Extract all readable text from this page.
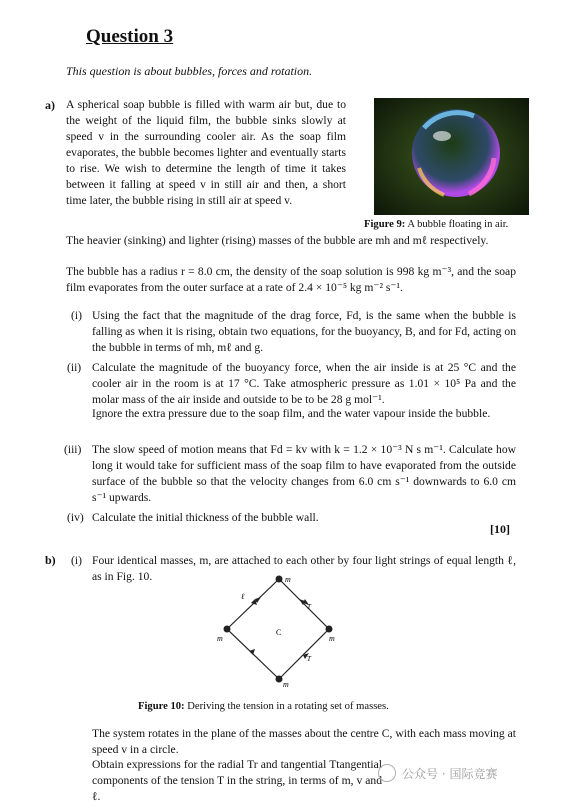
Question 3
This question is about bubbles, forces and rotation.
a) A spherical soap bubble is filled with warm air but, due to the weight of the liquid film, the bubble sinks slowly at speed v in the surrounding cooler air. As the soap film evaporates, the bubble becomes lighter and eventually starts to rise. We wish to determine the length of time it takes between it falling at speed v in still air and then, a short time later, the bubble rising in still air at speed v.
Figure 9: A bubble floating in air.
The heavier (sinking) and lighter (rising) masses of the bubble are mh and mℓ respectively.
The bubble has a radius r = 8.0 cm, the density of the soap solution is 998 kg m⁻³, and the soap film evaporates from the outer surface at a rate of 2.4 × 10⁻⁵ kg m⁻² s⁻¹.
(i) Using the fact that the magnitude of the drag force, Fd, is the same when the bubble is falling as when it is rising, obtain two equations, for the buoyancy, B, and for Fd, acting on the bubble in terms of mh, mℓ and g.
(ii) Calculate the magnitude of the buoyancy force, when the air inside is at 25 °C and the cooler air in the room is at 17 °C. Take atmospheric pressure as 1.01 × 10⁵ Pa and the molar mass of the air inside and outside to be to be 28 g mol⁻¹.
Ignore the extra pressure due to the soap film, and the water vapour inside the bubble.
(iii) The slow speed of motion means that Fd = kv with k = 1.2 × 10⁻³ N s m⁻¹. Calculate how long it would take for sufficient mass of the soap film to have evaporated from the outside surface of the bubble so that the velocity changes from 6.0 cm s⁻¹ downwards to 6.0 cm s⁻¹ upwards.
(iv) Calculate the initial thickness of the bubble wall.
[10]
b) (i) Four identical masses, m, are attached to each other by four light strings of equal length ℓ, as in Fig. 10.	m
m
m
m
ℓ
T
T
C
Figure 10: Deriving the tension in a rotating set of masses.
The system rotates in the plane of the masses about the centre C, with each mass moving at speed v in a circle.
Obtain expressions for the radial Tr and tangential Ttangential components of the tension T in the string, in terms of m, v and ℓ.
公众号 · 国际竞赛
